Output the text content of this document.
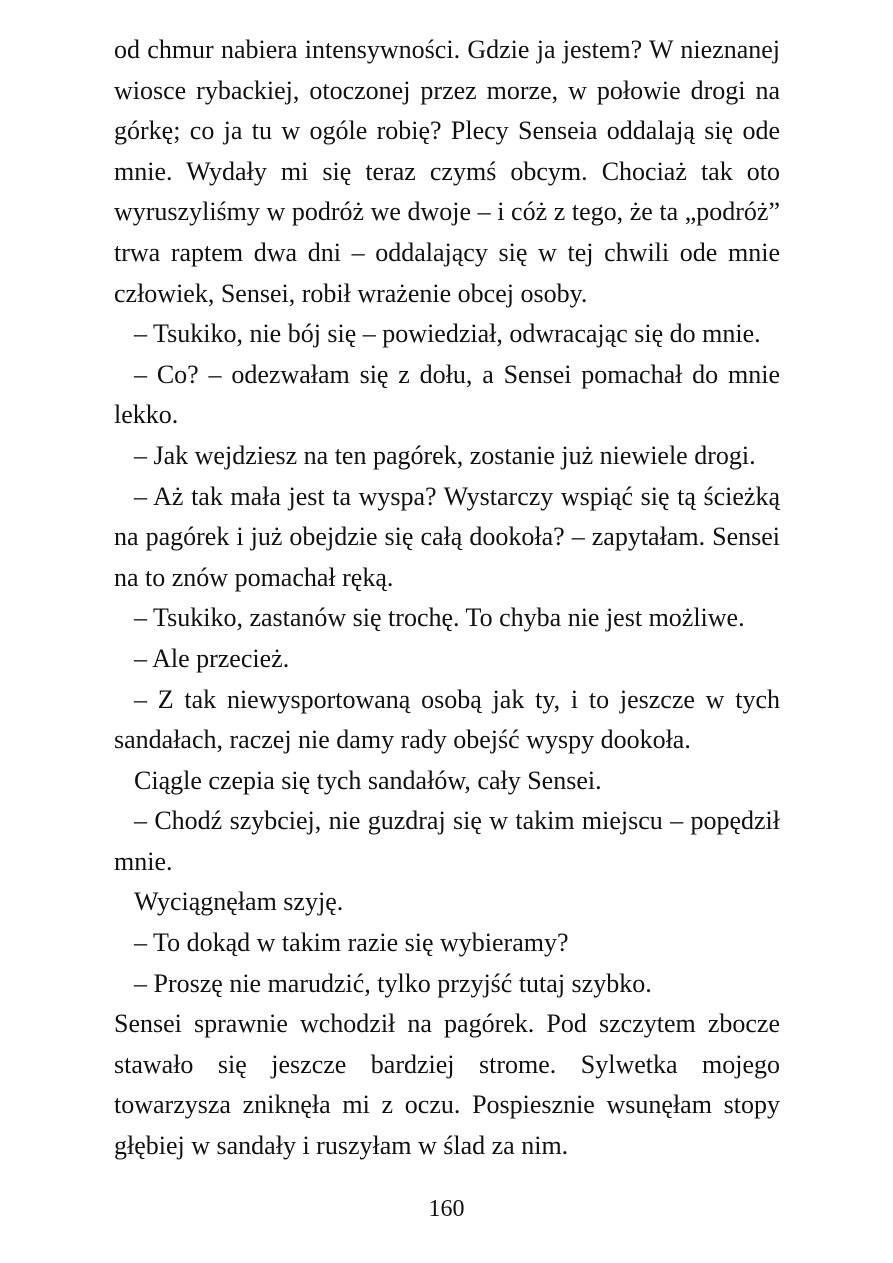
od chmur nabiera intensywności. Gdzie ja jestem? W nieznanej wiosce rybackiej, otoczonej przez morze, w połowie drogi na górkę; co ja tu w ogóle robię? Plecy Senseia oddalają się ode mnie. Wydały mi się teraz czymś obcym. Chociaż tak oto wyruszyliśmy w podróż we dwoje – i cóż z tego, że ta „podróż” trwa raptem dwa dni – oddalający się w tej chwili ode mnie człowiek, Sensei, robił wrażenie obcej osoby.

– Tsukiko, nie bój się – powiedział, odwracając się do mnie.

– Co? – odezwałam się z dołu, a Sensei pomachał do mnie lekko.

– Jak wejdziesz na ten pagórek, zostanie już niewiele drogi.

– Aż tak mała jest ta wyspa? Wystarczy wspiąć się tą ścieżką na pagórek i już obejdzie się całą dookoła? – zapytałam. Sensei na to znów pomachał ręką.

– Tsukiko, zastanów się trochę. To chyba nie jest możliwe.

– Ale przecież.

– Z tak niewysportowaną osobą jak ty, i to jeszcze w tych sandałach, raczej nie damy rady obejść wyspy dookoła.

Ciągle czepia się tych sandałów, cały Sensei.

– Chodź szybciej, nie guzdraj się w takim miejscu – popędził mnie.

Wyciągnęłam szyję.

– To dokąd w takim razie się wybieramy?

– Proszę nie marudzić, tylko przyjść tutaj szybko.

Sensei sprawnie wchodził na pagórek. Pod szczytem zbocze stawało się jeszcze bardziej strome. Sylwetka mojego towarzysza zniknęła mi z oczu. Pospiesznie wsunęłam stopy głębiej w sandały i ruszyłam w ślad za nim.

160
